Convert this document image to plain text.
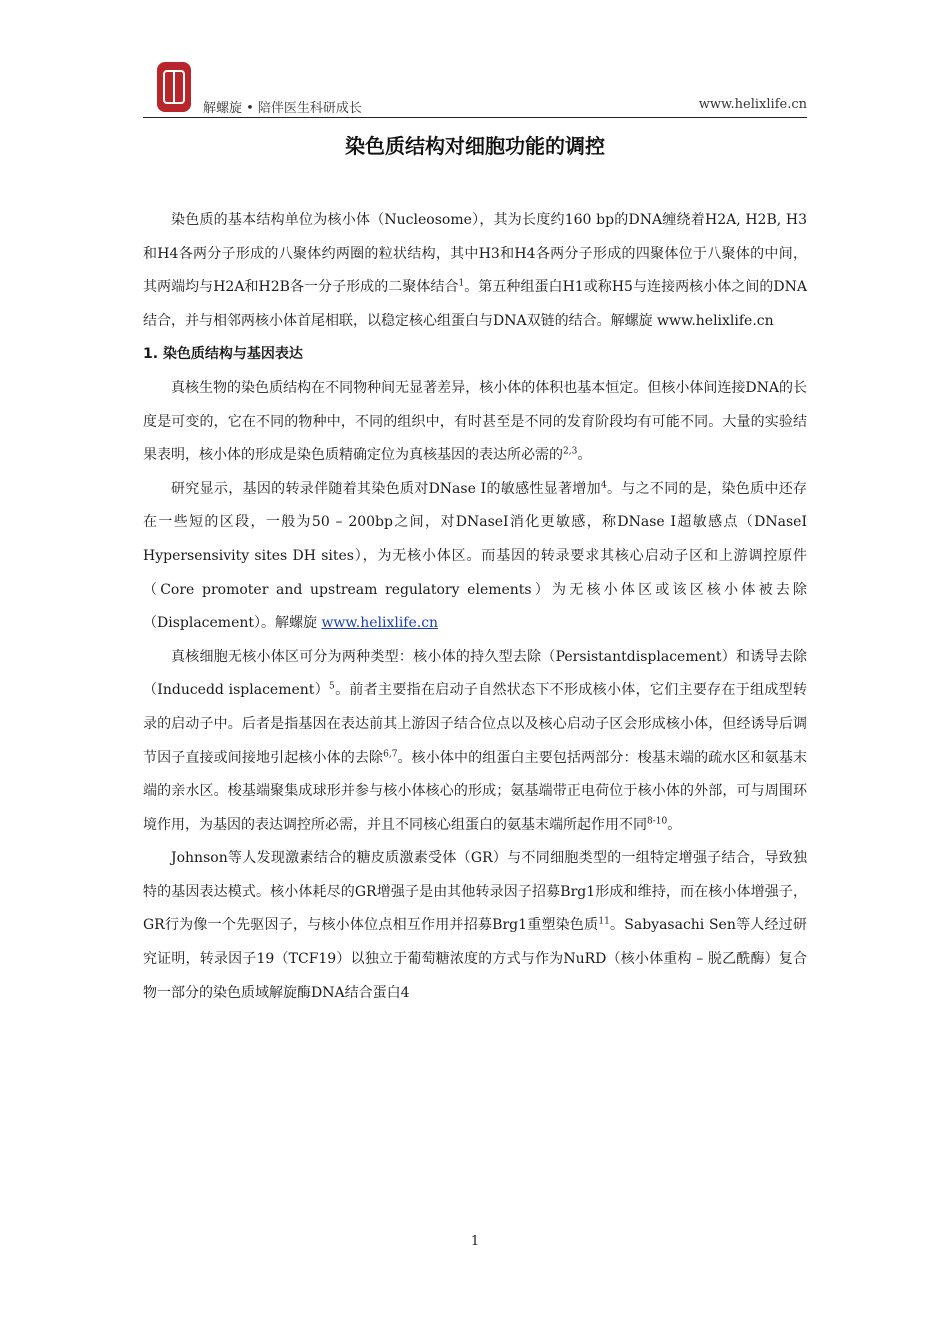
解螺旋 • 陪伴医生科研成长	www.helixlife.cn
染色质结构对细胞功能的调控

染色质的基本结构单位为核小体（Nucleosome），其为长度约160 bp的DNA缠绕着H2A, H2B, H3和H4各两分子形成的八聚体约两圈的粒状结构，其中H3和H4各两分子形成的四聚体位于八聚体的中间，其两端均与H2A和H2B各一分子形成的二聚体结合$^1$。第五种组蛋白H1或称H5与连接两核小体之间的DNA结合，并与相邻两核小体首尾相联，以稳定核心组蛋白与DNA双链的结合。解螺旋 www.helixlife.cn

1. 染色质结构与基因表达

真核生物的染色质结构在不同物种间无显著差异，核小体的体积也基本恒定。但核小体间连接DNA的长度是可变的，它在不同的物种中，不同的组织中，有时甚至是不同的发育阶段均有可能不同。大量的实验结果表明，核小体的形成是染色质精确定位为真核基因的表达所必需的$^{2,3}$。

研究显示，基因的转录伴随着其染色质对DNase I的敏感性显著增加$^4$。与之不同的是，染色质中还存在一些短的区段，一般为50 – 200bp之间，对DNaseI消化更敏感，称DNase I超敏感点（DNaseI Hypersensivity sites DH sites），为无核小体区。而基因的转录要求其核心启动子区和上游调控原件（Core promoter and upstream regulatory elements）为无核小体区或该区核小体被去除（Displacement）。解螺旋 www.helixlife.cn

真核细胞无核小体区可分为两种类型：核小体的持久型去除（Persistantdisplacement）和诱导去除（Inducedd isplacement）$^5$。前者主要指在启动子自然状态下不形成核小体，它们主要存在于组成型转录的启动子中。后者是指基因在表达前其上游因子结合位点以及核心启动子区会形成核小体，但经诱导后调节因子直接或间接地引起核小体的去除$^{6,7}$。核小体中的组蛋白主要包括两部分：梭基末端的疏水区和氨基末端的亲水区。梭基端聚集成球形并参与核小体核心的形成；氨基端带正电荷位于核小体的外部，可与周围环境作用，为基因的表达调控所必需，并且不同核心组蛋白的氨基末端所起作用不同$^{8-10}$。

Johnson等人发现激素结合的糖皮质激素受体（GR）与不同细胞类型的一组特定增强子结合，导致独特的基因表达模式。核小体耗尽的GR增强子是由其他转录因子招募Brg1形成和维持，而在核小体增强子，GR行为像一个先驱因子，与核小体位点相互作用并招募Brg1重塑染色质$^{11}$。Sabyasachi Sen等人经过研究证明，转录因子19（TCF19）以独立于葡萄糖浓度的方式与作为NuRD（核小体重构 – 脱乙酰酶）复合物一部分的染色质域解旋酶DNA结合蛋白4

1
